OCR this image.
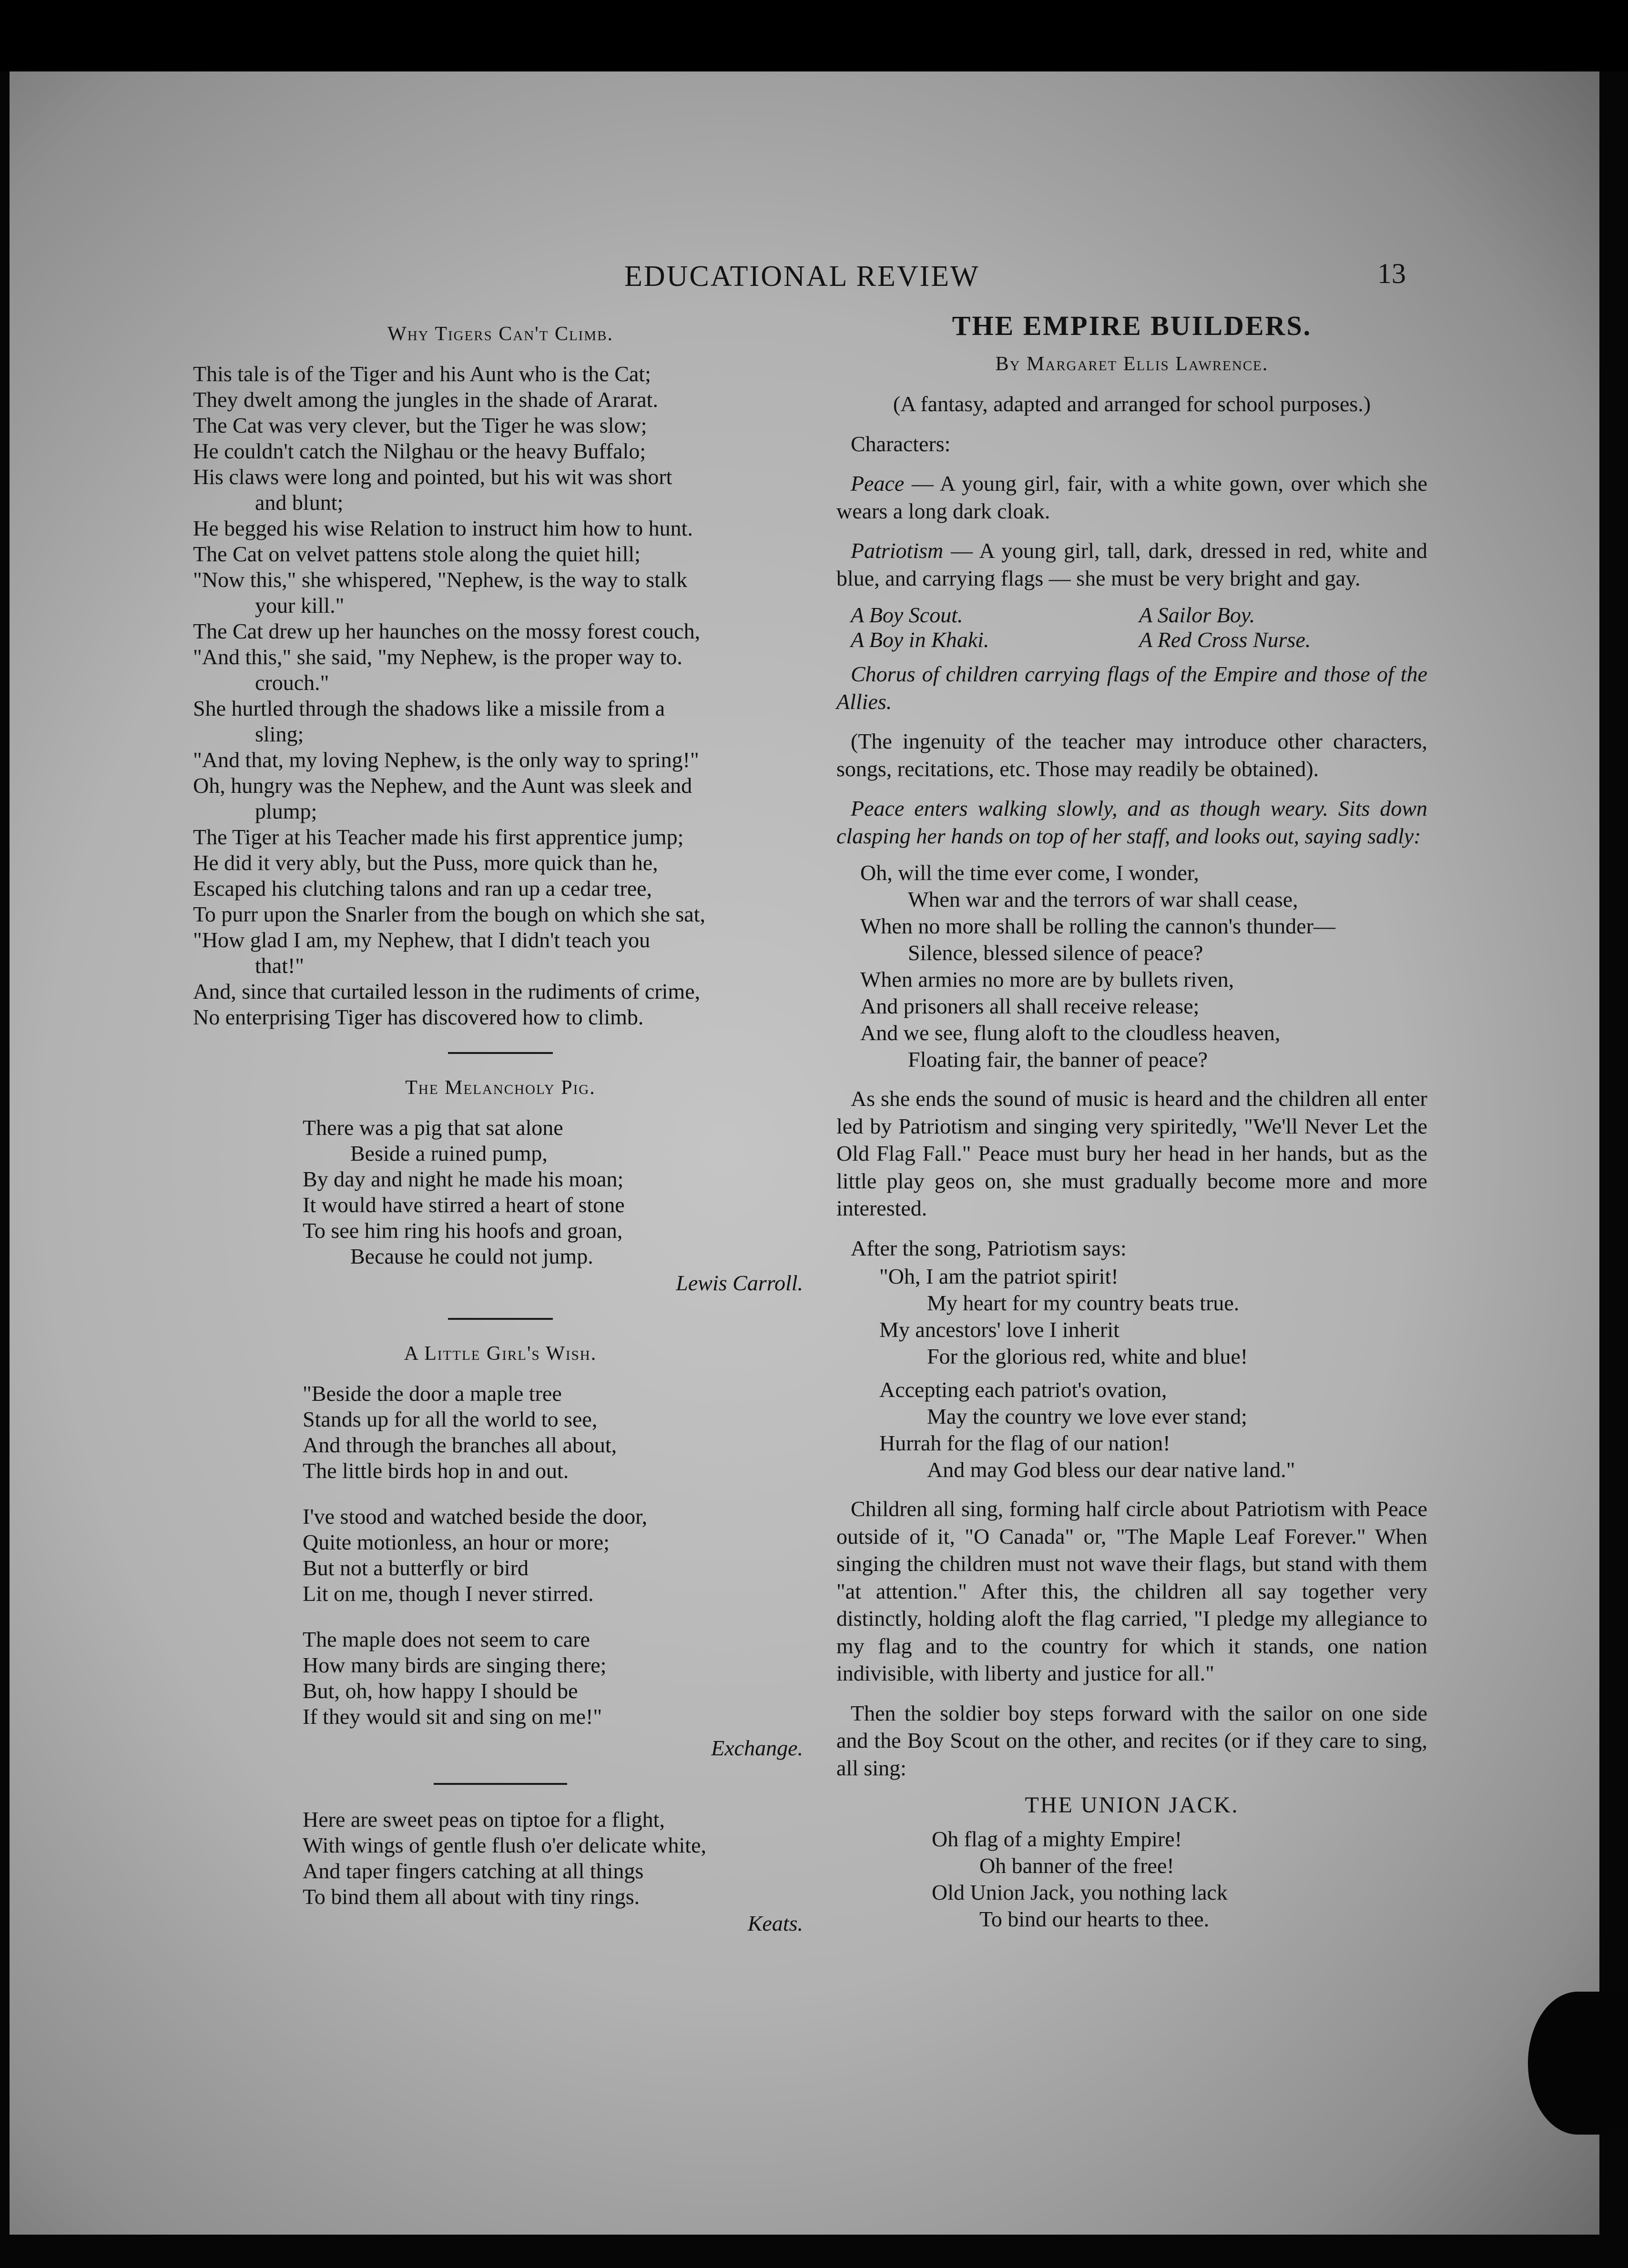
EDUCATIONAL REVIEW	13
Why Tigers Can't Climb.
This tale is of the Tiger and his Aunt who is the Cat;
They dwelt among the jungles in the shade of Ararat.
The Cat was very clever, but the Tiger he was slow;
He couldn't catch the Nilghau or the heavy Buffalo;
His claws were long and pointed, but his wit was short
and blunt;
He begged his wise Relation to instruct him how to hunt.
The Cat on velvet pattens stole along the quiet hill;
"Now this," she whispered, "Nephew, is the way to stalk
your kill."
The Cat drew up her haunches on the mossy forest couch,
"And this," she said, "my Nephew, is the proper way to.
crouch."
She hurtled through the shadows like a missile from a
sling;
"And that, my loving Nephew, is the only way to spring!"
Oh, hungry was the Nephew, and the Aunt was sleek and
plump;
The Tiger at his Teacher made his first apprentice jump;
He did it very ably, but the Puss, more quick than he,
Escaped his clutching talons and ran up a cedar tree,
To purr upon the Snarler from the bough on which she sat,
"How glad I am, my Nephew, that I didn't teach you
that!"
And, since that curtailed lesson in the rudiments of crime,
No enterprising Tiger has discovered how to climb.
The Melancholy Pig.
There was a pig that sat alone
Beside a ruined pump,
By day and night he made his moan;
It would have stirred a heart of stone
To see him ring his hoofs and groan,
Because he could not jump.
Lewis Carroll.
A Little Girl's Wish.
"Beside the door a maple tree
Stands up for all the world to see,
And through the branches all about,
The little birds hop in and out.
I've stood and watched beside the door,
Quite motionless, an hour or more;
But not a butterfly or bird
Lit on me, though I never stirred.
The maple does not seem to care
How many birds are singing there;
But, oh, how happy I should be
If they would sit and sing on me!"
Exchange.
Here are sweet peas on tiptoe for a flight,
With wings of gentle flush o'er delicate white,
And taper fingers catching at all things
To bind them all about with tiny rings.
Keats.
THE EMPIRE BUILDERS.
By Margaret Ellis Lawrence.
(A fantasy, adapted and arranged for school purposes.)
Characters:
Peace — A young girl, fair, with a white gown, over which she wears a long dark cloak.
Patriotism — A young girl, tall, dark, dressed in red, white and blue, and carrying flags — she must be very bright and gay.
A Boy Scout.	A Sailor Boy.
A Boy in Khaki.	A Red Cross Nurse.
Chorus of children carrying flags of the Empire and those of the Allies.
(The ingenuity of the teacher may introduce other characters, songs, recitations, etc. Those may readily be obtained).
Peace enters walking slowly, and as though weary. Sits down clasping her hands on top of her staff, and looks out, saying sadly:
Oh, will the time ever come, I wonder,
When war and the terrors of war shall cease,
When no more shall be rolling the cannon's thunder—
Silence, blessed silence of peace?
When armies no more are by bullets riven,
And prisoners all shall receive release;
And we see, flung aloft to the cloudless heaven,
Floating fair, the banner of peace?
As she ends the sound of music is heard and the children all enter led by Patriotism and singing very spiritedly, "We'll Never Let the Old Flag Fall." Peace must bury her head in her hands, but as the little play geos on, she must gradually become more and more interested.
After the song, Patriotism says:
"Oh, I am the patriot spirit!
My heart for my country beats true.
My ancestors' love I inherit
For the glorious red, white and blue!
Accepting each patriot's ovation,
May the country we love ever stand;
Hurrah for the flag of our nation!
And may God bless our dear native land."
Children all sing, forming half circle about Patriotism with Peace outside of it, "O Canada" or, "The Maple Leaf Forever." When singing the children must not wave their flags, but stand with them "at attention." After this, the children all say together very distinctly, holding aloft the flag carried, "I pledge my allegiance to my flag and to the country for which it stands, one nation indivisible, with liberty and justice for all."
Then the soldier boy steps forward with the sailor on one side and the Boy Scout on the other, and recites (or if they care to sing, all sing:
THE UNION JACK.
Oh flag of a mighty Empire!
Oh banner of the free!
Old Union Jack, you nothing lack
To bind our hearts to thee.
